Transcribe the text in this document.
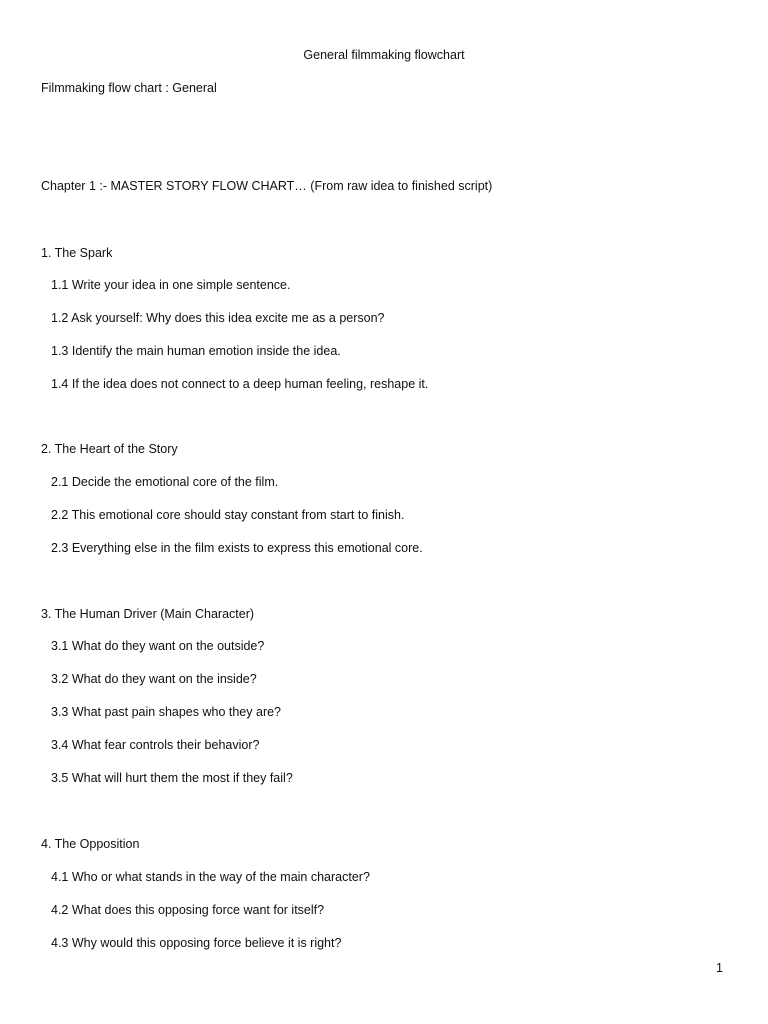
General filmmaking flowchart
Filmmaking flow chart : General
Chapter 1 :- MASTER STORY FLOW CHART… (From raw idea to finished script)
1. The Spark
1.1 Write your idea in one simple sentence.
1.2 Ask yourself: Why does this idea excite me as a person?
1.3 Identify the main human emotion inside the idea.
1.4 If the idea does not connect to a deep human feeling, reshape it.
2. The Heart of the Story
2.1 Decide the emotional core of the film.
2.2 This emotional core should stay constant from start to finish.
2.3 Everything else in the film exists to express this emotional core.
3. The Human Driver (Main Character)
3.1 What do they want on the outside?
3.2 What do they want on the inside?
3.3 What past pain shapes who they are?
3.4 What fear controls their behavior?
3.5 What will hurt them the most if they fail?
4. The Opposition
4.1 Who or what stands in the way of the main character?
4.2 What does this opposing force want for itself?
4.3 Why would this opposing force believe it is right?
1
